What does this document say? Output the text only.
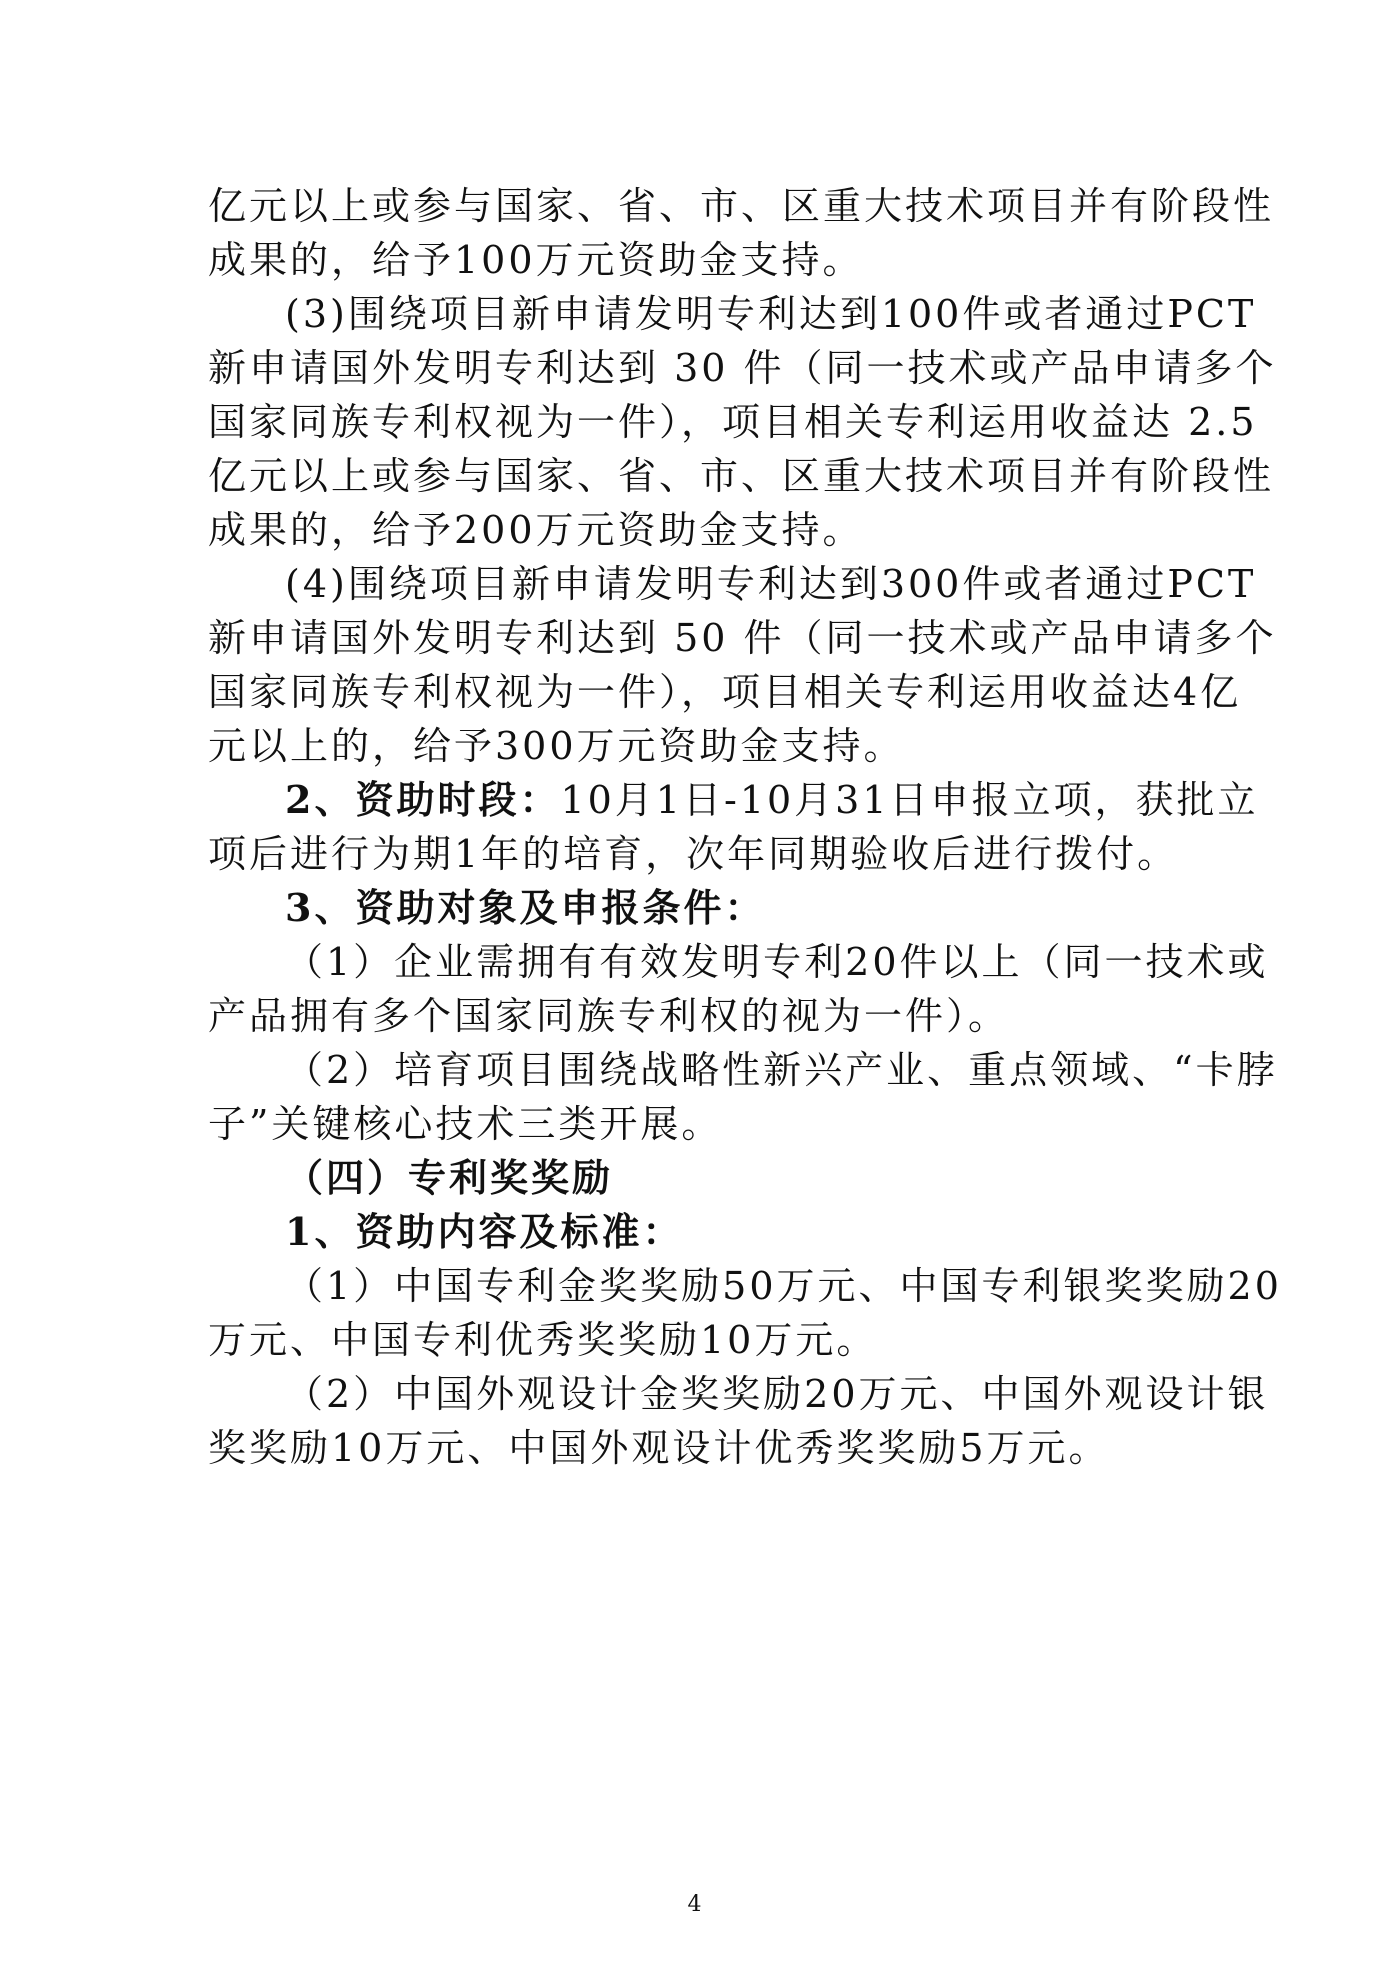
亿元以上或参与国家、省、市、区重大技术项目并有阶段性
成果的，给予100万元资助金支持。
(3)围绕项目新申请发明专利达到100件或者通过PCT
新申请国外发明专利达到 30 件（同一技术或产品申请多个
国家同族专利权视为一件），项目相关专利运用收益达 2.5
亿元以上或参与国家、省、市、区重大技术项目并有阶段性
成果的，给予200万元资助金支持。
(4)围绕项目新申请发明专利达到300件或者通过PCT
新申请国外发明专利达到 50 件（同一技术或产品申请多个
国家同族专利权视为一件），项目相关专利运用收益达4亿
元以上的，给予300万元资助金支持。
2、资助时段：10月1日-10月31日申报立项，获批立
项后进行为期1年的培育，次年同期验收后进行拨付。
3、资助对象及申报条件：
（1）企业需拥有有效发明专利20件以上（同一技术或
产品拥有多个国家同族专利权的视为一件）。
（2）培育项目围绕战略性新兴产业、重点领域、“卡脖
子”关键核心技术三类开展。
（四）专利奖奖励
1、资助内容及标准：
（1）中国专利金奖奖励50万元、中国专利银奖奖励20
万元、中国专利优秀奖奖励10万元。
（2）中国外观设计金奖奖励20万元、中国外观设计银
奖奖励10万元、中国外观设计优秀奖奖励5万元。
4
